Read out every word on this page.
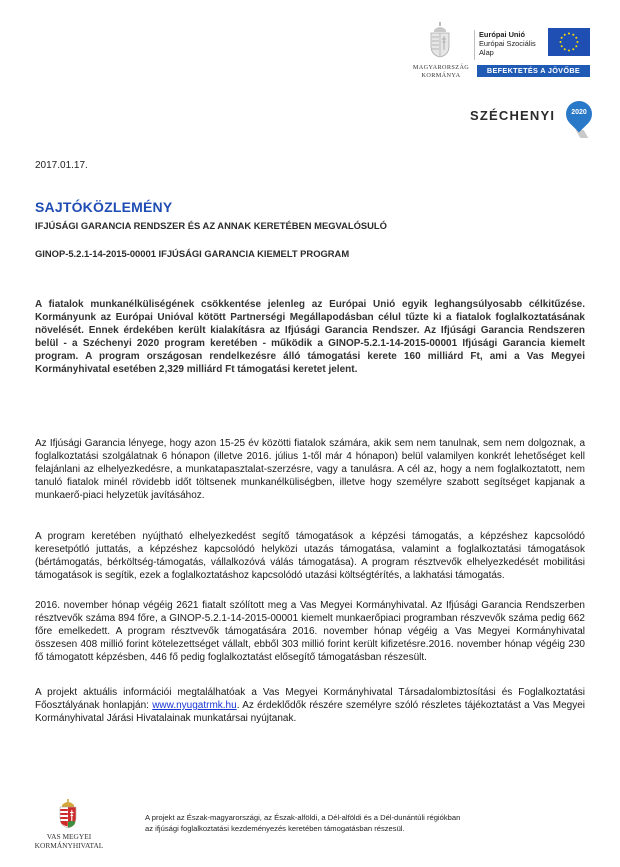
MAGYARORSZÁG
KORMÁNYA
Európai Unió
Európai Szociális
Alap
BEFEKTETÉS A JÖVŐBE
SZÉCHENYI	2020
2017.01.17.
SAJTÓKÖZLEMÉNY
IFJÚSÁGI GARANCIA RENDSZER ÉS AZ ANNAK KERETÉBEN MEGVALÓSULÓ
GINOP-5.2.1-14-2015-00001 IFJÚSÁGI GARANCIA KIEMELT PROGRAM
A fiatalok munkanélküliségének csökkentése jelenleg az Európai Unió egyik leghangsúlyosabb célkitűzése. Kormányunk az Európai Unióval kötött Partnerségi Megállapodásban célul tűzte ki a fiatalok foglalkoztatásának növelését. Ennek érdekében került kialakításra az Ifjúsági Garancia Rendszer. Az Ifjúsági Garancia Rendszeren belül - a Széchenyi 2020 program keretében - működik a GINOP-5.2.1-14-2015-00001 Ifjúsági Garancia kiemelt program. A program országosan rendelkezésre álló támogatási kerete 160 milliárd Ft, ami a Vas Megyei Kormányhivatal esetében 2,329 milliárd Ft támogatási keretet jelent.
Az Ifjúsági Garancia lényege, hogy azon 15-25 év közötti fiatalok számára, akik sem nem tanulnak, sem nem dolgoznak, a foglalkoztatási szolgálatnak 6 hónapon (illetve 2016. július 1-től már 4 hónapon) belül valamilyen konkrét lehetőséget kell felajánlani az elhelyezkedésre, a munkatapasztalat-szerzésre, vagy a tanulásra. A cél az, hogy a nem foglalkoztatott, nem tanuló fiatalok minél rövidebb időt töltsenek munkanélküliségben, illetve hogy személyre szabott segítséget kapjanak a munkaerő-piaci helyzetük javításához.
A program keretében nyújtható elhelyezkedést segítő támogatások a képzési támogatás, a képzéshez kapcsolódó keresetpótló juttatás, a képzéshez kapcsolódó helyközi utazás támogatása, valamint a foglalkoztatási támogatások (bértámogatás, bérköltség-támogatás, vállalkozóvá válás támogatása). A program résztvevők elhelyezkedését mobilitási támogatások is segítik, ezek a foglalkoztatáshoz kapcsolódó utazási költségtérítés, a lakhatási támogatás.
2016. november hónap végéig 2621 fiatalt szólított meg a Vas Megyei Kormányhivatal. Az Ifjúsági Garancia Rendszerben résztvevők száma 894 főre, a GINOP-5.2.1-14-2015-00001 kiemelt munkaerőpiaci programban részvevők száma pedig 662 főre emelkedett. A program résztvevők támogatására 2016. november hónap végéig a Vas Megyei Kormányhivatal összesen 408 millió forint kötelezettséget vállalt, ebből 303 millió forint került kifizetésre.2016. november hónap végéig 230 fő támogatott képzésben, 446 fő pedig foglalkoztatást elősegítő támogatásban részesült.
A projekt aktuális információi megtalálhatóak a Vas Megyei Kormányhivatal Társadalombiztosítási és Foglalkoztatási Főosztályának honlapján: www.nyugatrmk.hu. Az érdeklődők részére személyre szóló részletes tájékoztatást a Vas Megyei Kormányhivatal Járási Hivatalainak munkatársai nyújtanak.
VAS MEGYEI
KORMÁNYHIVATAL
A projekt az Észak-magyarországi, az Észak-alföldi, a Dél-alföldi és a Dél-dunántúli régiókban
az ifjúsági foglalkoztatási kezdeményezés keretében támogatásban részesül.
